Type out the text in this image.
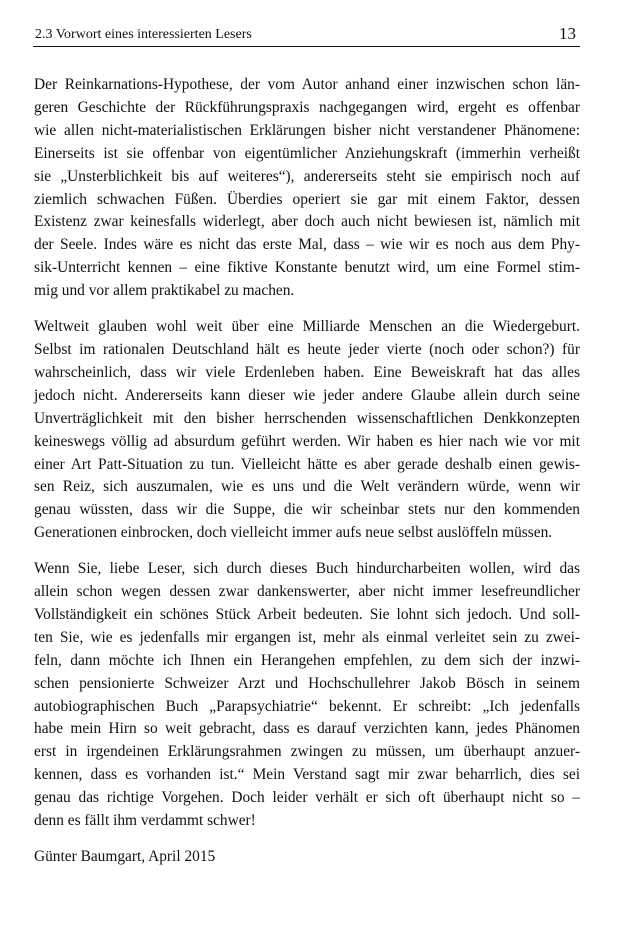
2.3 Vorwort eines interessierten Lesers	13

Der Reinkarnations-Hypothese, der vom Autor anhand einer inzwischen schon län-
geren Geschichte der Rückführungspraxis nachgegangen wird, ergeht es offenbar
wie allen nicht-materialistischen Erklärungen bisher nicht verstandener Phänomene:
Einerseits ist sie offenbar von eigentümlicher Anziehungskraft (immerhin verheißt
sie „Unsterblichkeit bis auf weiteres“), andererseits steht sie empirisch noch auf
ziemlich schwachen Füßen. Überdies operiert sie gar mit einem Faktor, dessen
Existenz zwar keinesfalls widerlegt, aber doch auch nicht bewiesen ist, nämlich mit
der Seele. Indes wäre es nicht das erste Mal, dass – wie wir es noch aus dem Phy-
sik-Unterricht kennen – eine fiktive Konstante benutzt wird, um eine Formel stim-
mig und vor allem praktikabel zu machen.

Weltweit glauben wohl weit über eine Milliarde Menschen an die Wiedergeburt.
Selbst im rationalen Deutschland hält es heute jeder vierte (noch oder schon?) für
wahrscheinlich, dass wir viele Erdenleben haben. Eine Beweiskraft hat das alles
jedoch nicht. Andererseits kann dieser wie jeder andere Glaube allein durch seine
Unverträglichkeit mit den bisher herrschenden wissenschaftlichen Denkkonzepten
keineswegs völlig ad absurdum geführt werden. Wir haben es hier nach wie vor mit
einer Art Patt-Situation zu tun. Vielleicht hätte es aber gerade deshalb einen gewis-
sen Reiz, sich auszumalen, wie es uns und die Welt verändern würde, wenn wir
genau wüssten, dass wir die Suppe, die wir scheinbar stets nur den kommenden
Generationen einbrocken, doch vielleicht immer aufs neue selbst auslöffeln müssen.

Wenn Sie, liebe Leser, sich durch dieses Buch hindurcharbeiten wollen, wird das
allein schon wegen dessen zwar dankenswerter, aber nicht immer lesefreundlicher
Vollständigkeit ein schönes Stück Arbeit bedeuten. Sie lohnt sich jedoch. Und soll-
ten Sie, wie es jedenfalls mir ergangen ist, mehr als einmal verleitet sein zu zwei-
feln, dann möchte ich Ihnen ein Herangehen empfehlen, zu dem sich der inzwi-
schen pensionierte Schweizer Arzt und Hochschullehrer Jakob Bösch in seinem
autobiographischen Buch „Parapsychiatrie“ bekennt. Er schreibt: „Ich jedenfalls
habe mein Hirn so weit gebracht, dass es darauf verzichten kann, jedes Phänomen
erst in irgendeinen Erklärungsrahmen zwingen zu müssen, um überhaupt anzuer-
kennen, dass es vorhanden ist.“ Mein Verstand sagt mir zwar beharrlich, dies sei
genau das richtige Vorgehen. Doch leider verhält er sich oft überhaupt nicht so –
denn es fällt ihm verdammt schwer!

Günter Baumgart, April 2015
